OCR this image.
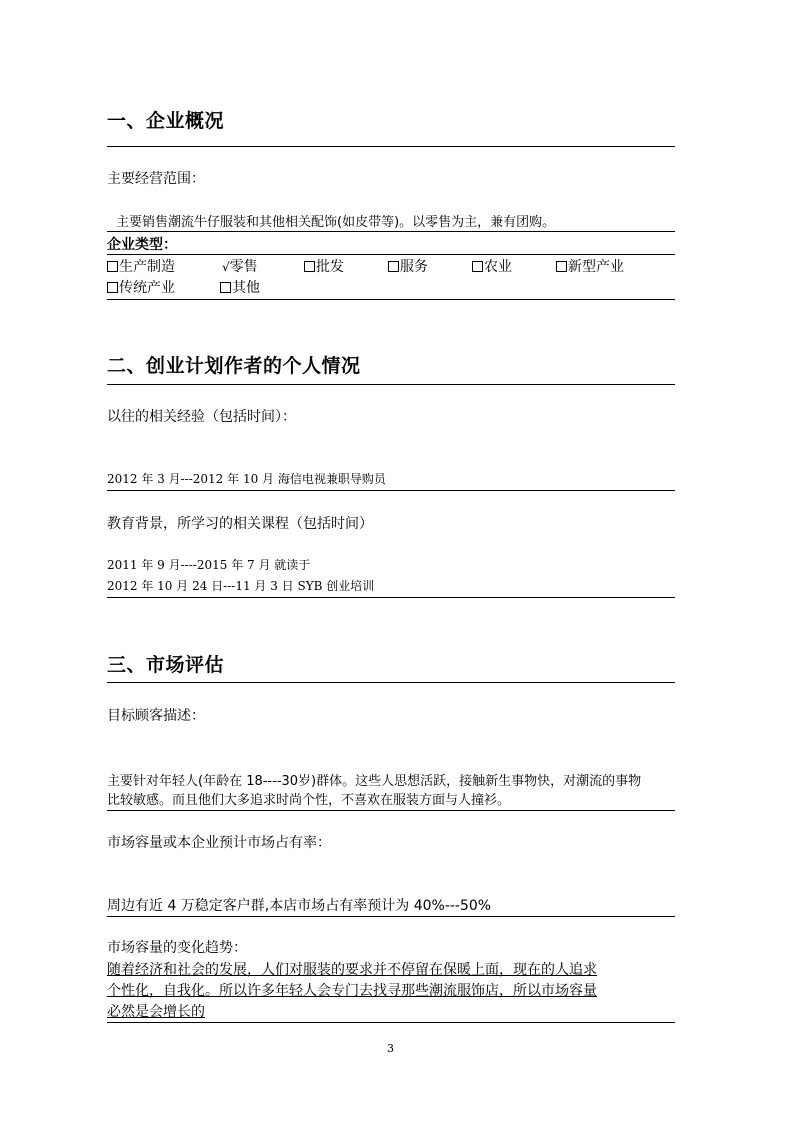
一、企业概况
主要经营范围：
主要销售潮流牛仔服装和其他相关配饰(如皮带等)。以零售为主，兼有团购。
企业类型：
生产制造	√零售	批发	服务	农业	新型产业
传统产业	其他
二、创业计划作者的个人情况
以往的相关经验（包括时间）：
2012 年 3 月---2012 年 10 月 海信电视兼职导购员
教育背景，所学习的相关课程（包括时间）
2011 年 9 月----2015 年 7 月 就读于
2012 年 10 月 24 日---11 月 3 日 SYB 创业培训
三、市场评估
目标顾客描述：
主要针对年轻人(年龄在 18----30岁)群体。这些人思想活跃，接触新生事物快，对潮流的事物
比较敏感。而且他们大多追求时尚个性，不喜欢在服装方面与人撞衫。
市场容量或本企业预计市场占有率：
周边有近 4 万稳定客户群,本店市场占有率预计为 40%---50%
市场容量的变化趋势：
随着经济和社会的发展，人们对服装的要求并不停留在保暖上面，现在的人追求
个性化，自我化。所以许多年轻人会专门去找寻那些潮流服饰店，所以市场容量
必然是会增长的
3
